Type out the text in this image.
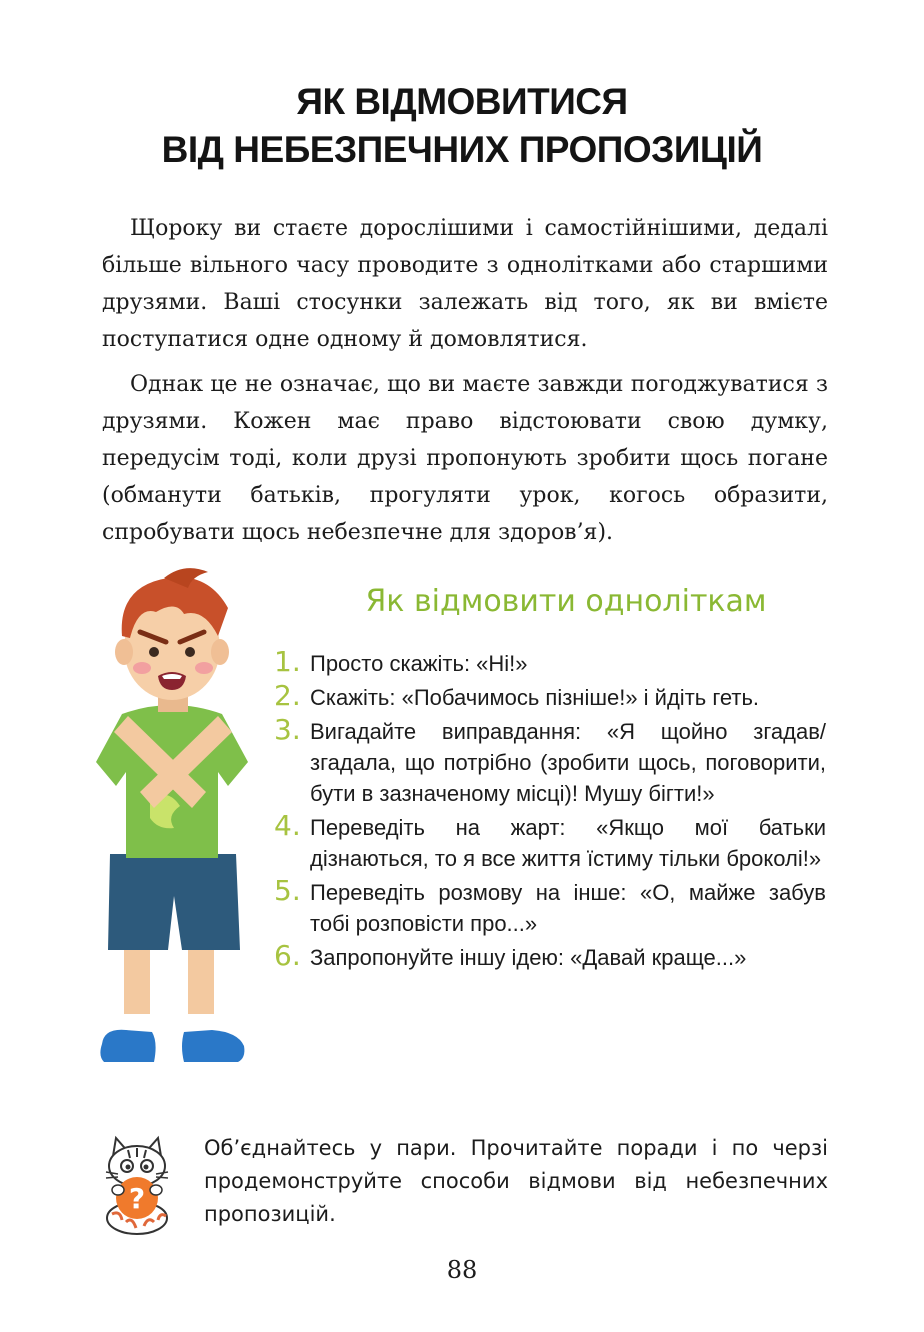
ЯК ВІДМОВИТИСЯ
ВІД НЕБЕЗПЕЧНИХ ПРОПОЗИЦІЙ

Щороку ви стаєте дорослішими і самостійнішими, дедалі більше вільного часу проводите з однолітками або старшими друзями. Ваші стосунки залежать від того, як ви вмієте поступатися одне одному й домовлятися.

Однак це не означає, що ви маєте завжди погоджуватися з друзями. Кожен має право відстоювати свою думку, передусім тоді, коли друзі пропонують зробити щось погане (обманути батьків, прогуляти урок, когось образити, спробувати щось небезпечне для здоров’я).

Як відмовити одноліткам
1. Просто скажіть: «Ні!»
2. Скажіть: «Побачимось пізніше!» і йдіть геть.
3. Вигадайте виправдання: «Я щойно згадав/згадала, що потрібно (зробити щось, поговорити, бути в зазначеному місці)! Мушу бігти!»
4. Переведіть на жарт: «Якщо мої батьки дізнаються, то я все життя їстиму тільки броколі!»
5. Переведіть розмову на інше: «О, майже забув тобі розповісти про...»
6. Запропонуйте іншу ідею: «Давай краще...»
?

Об’єднайтесь у пари. Прочитайте поради і по черзі продемонструйте способи відмови від небезпечних пропозицій.

88
